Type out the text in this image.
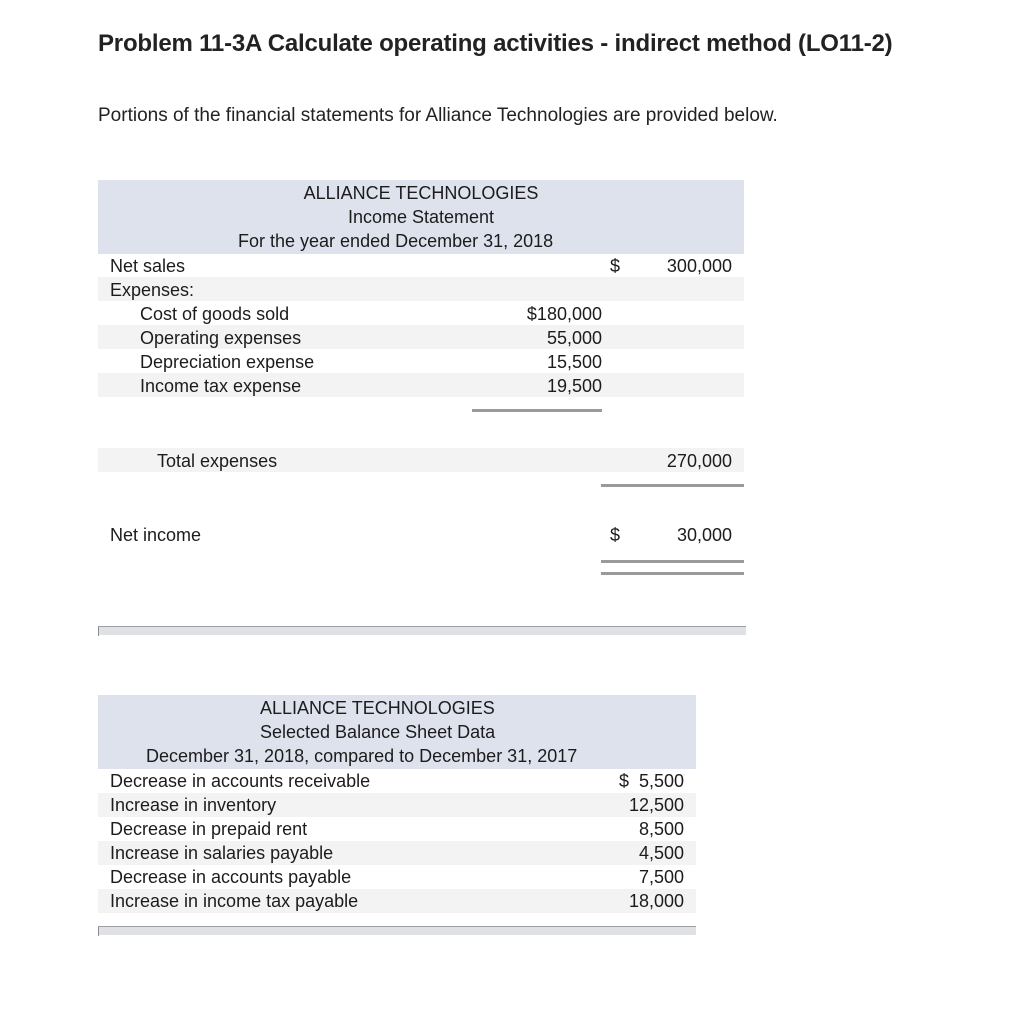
Problem 11-3A Calculate operating activities - indirect method (LO11-2)
Portions of the financial statements for Alliance Technologies are provided below.
ALLIANCE TECHNOLOGIES
Income Statement
For the year ended December 31, 2018
Net sales	$	300,000
Expenses:
Cost of goods sold	$180,000
Operating expenses	55,000
Depreciation expense	15,500
Income tax expense	19,500
Total expenses	270,000
Net income	$	30,000
ALLIANCE TECHNOLOGIES
Selected Balance Sheet Data
December 31, 2018, compared to December 31, 2017
Decrease in accounts receivable	$  5,500
Increase in inventory	12,500
Decrease in prepaid rent	8,500
Increase in salaries payable	4,500
Decrease in accounts payable	7,500
Increase in income tax payable	18,000
